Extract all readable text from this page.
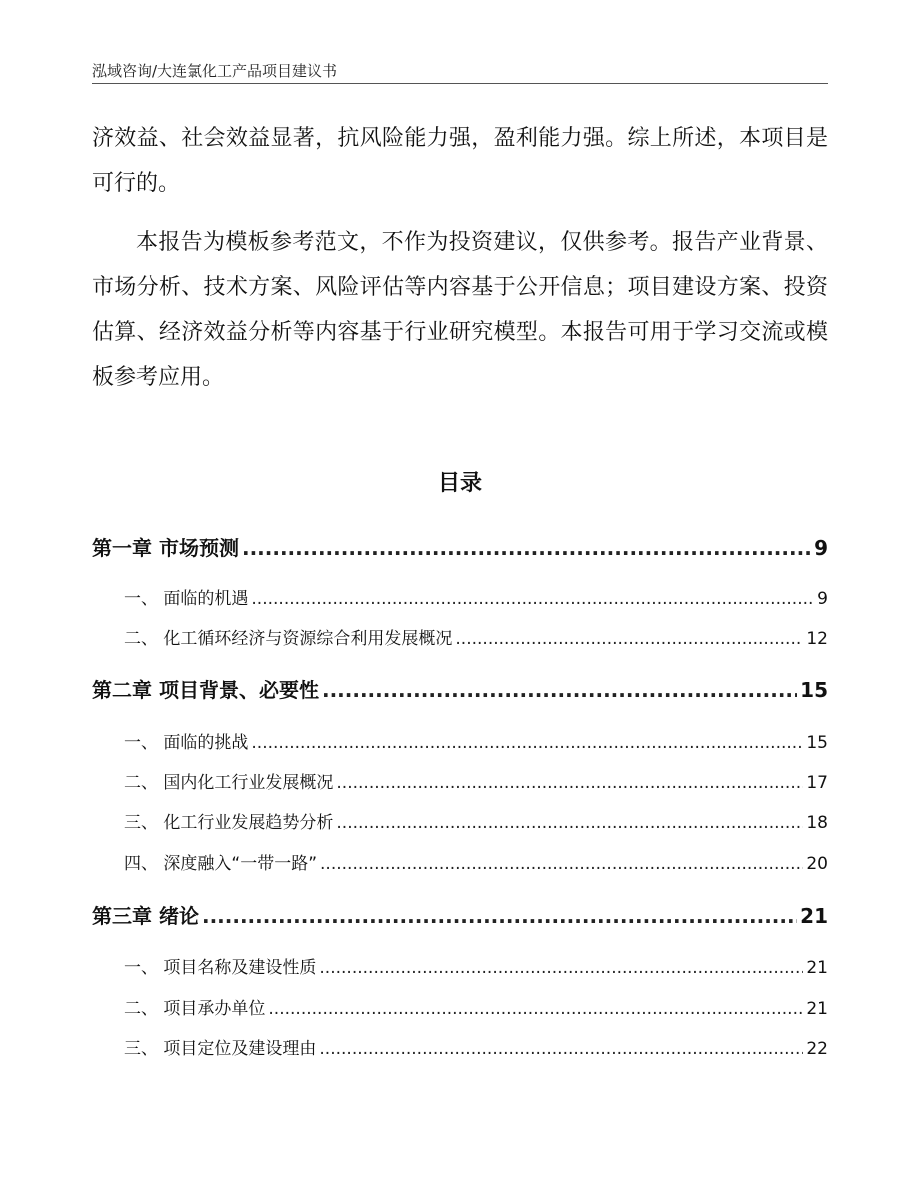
泓域咨询/大连氯化工产品项目建议书

济效益、社会效益显著，抗风险能力强，盈利能力强。综上所述，本项目是可行的。

本报告为模板参考范文，不作为投资建议，仅供参考。报告产业背景、市场分析、技术方案、风险评估等内容基于公开信息；项目建设方案、投资估算、经济效益分析等内容基于行业研究模型。本报告可用于学习交流或模板参考应用。

目录
第一章 市场预测 .....	9
一、 面临的机遇 .....	9
二、 化工循环经济与资源综合利用发展概况 .....	12
第二章 项目背景、必要性 .....	15
一、 面临的挑战 .....	15
二、 国内化工行业发展概况 .....	17
三、 化工行业发展趋势分析 .....	18
四、 深度融入“一带一路” .....	20
第三章 绪论 .....	21
一、 项目名称及建设性质 .....	21
二、 项目承办单位 .....	21
三、 项目定位及建设理由 .....	22
